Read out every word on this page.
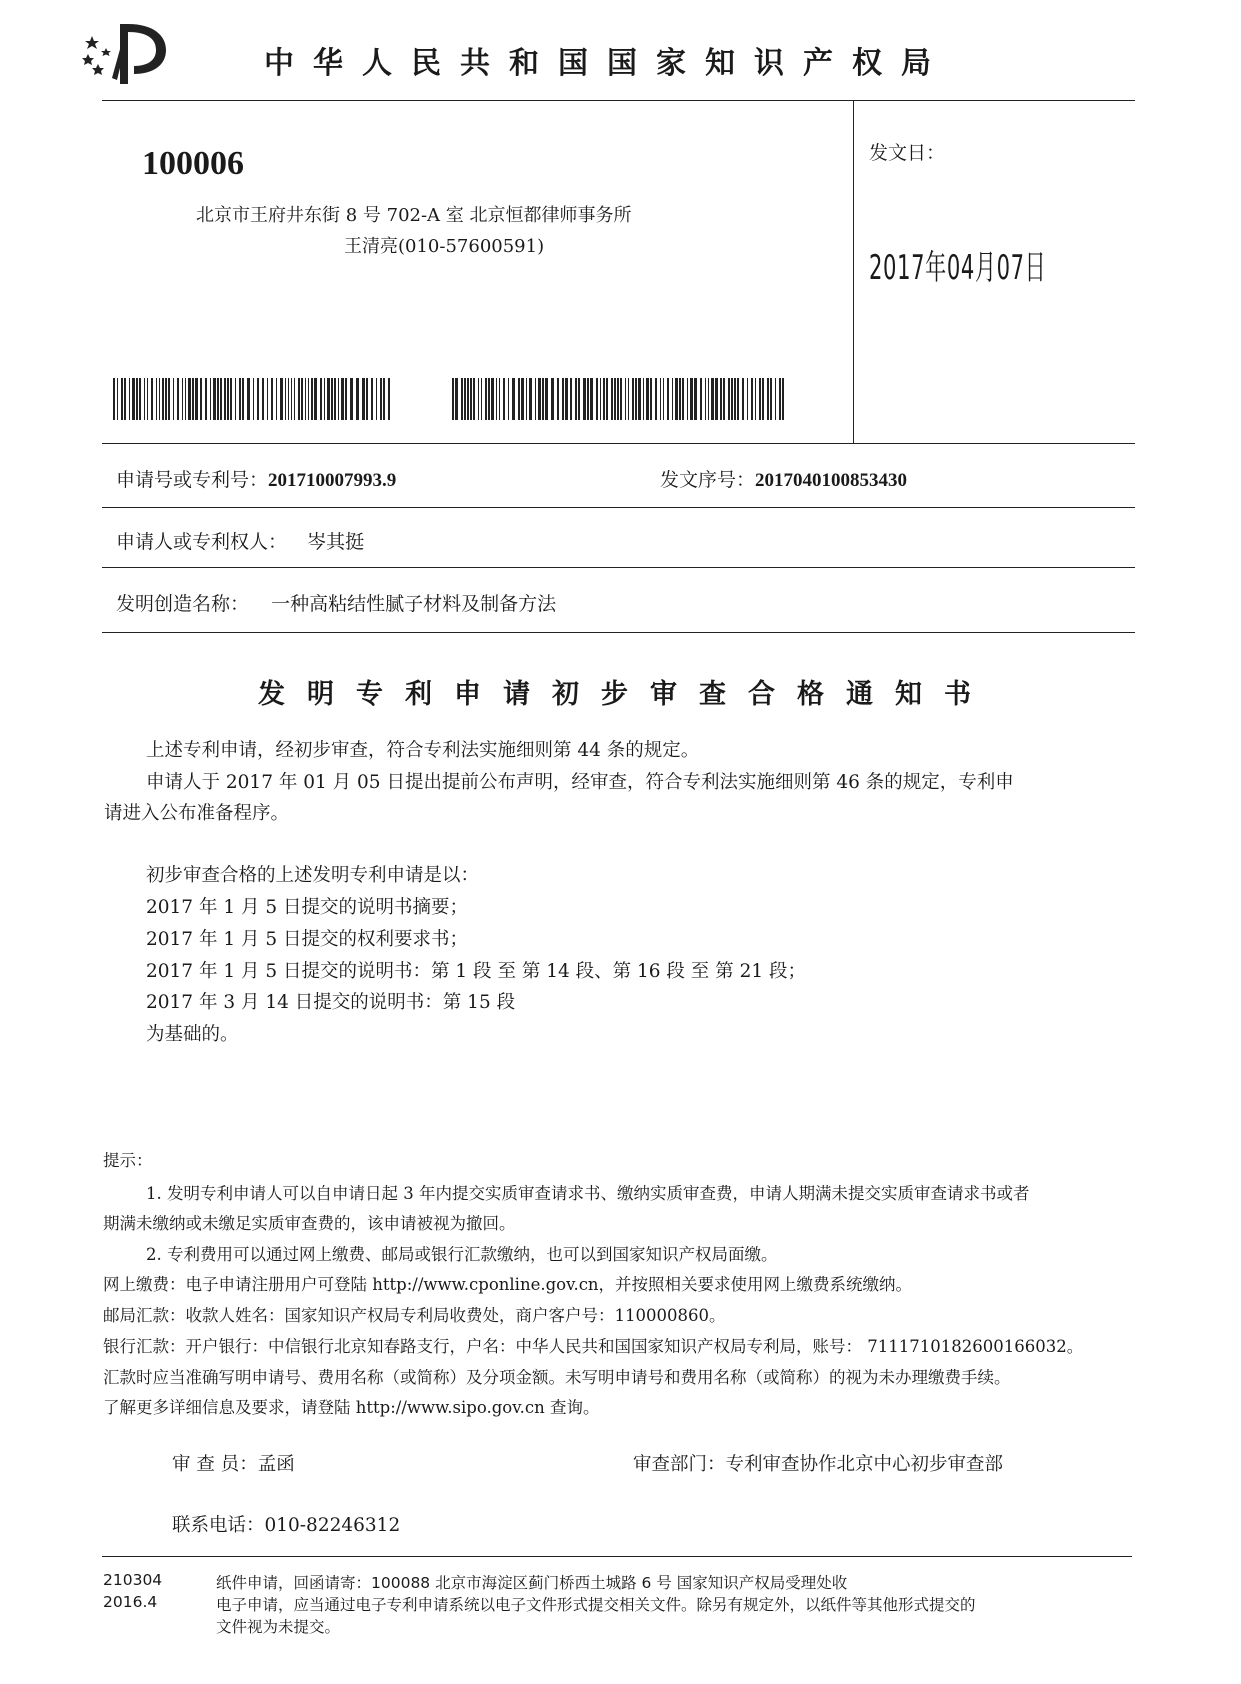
中华人民共和国国家知识产权局
100006
北京市王府井东街 8 号 702-A 室 北京恒都律师事务所
王清亮(010-57600591)
发文日：
2017年04月07日
申请号或专利号：201710007993.9	发文序号：2017040100853430
申请人或专利权人： 岑其挺
发明创造名称： 一种高粘结性腻子材料及制备方法
发明专利申请初步审查合格通知书
上述专利申请，经初步审查，符合专利法实施细则第 44 条的规定。
申请人于 2017 年 01 月 05 日提出提前公布声明，经审查，符合专利法实施细则第 46 条的规定，专利申
请进入公布准备程序。
初步审查合格的上述发明专利申请是以：
2017 年 1 月 5 日提交的说明书摘要；
2017 年 1 月 5 日提交的权利要求书；
2017 年 1 月 5 日提交的说明书：第 1 段 至 第 14 段、第 16 段 至 第 21 段；
2017 年 3 月 14 日提交的说明书：第 15 段
为基础的。
提示：
1. 发明专利申请人可以自申请日起 3 年内提交实质审查请求书、缴纳实质审查费，申请人期满未提交实质审查请求书或者
期满未缴纳或未缴足实质审查费的，该申请被视为撤回。
2. 专利费用可以通过网上缴费、邮局或银行汇款缴纳，也可以到国家知识产权局面缴。
网上缴费：电子申请注册用户可登陆 http://www.cponline.gov.cn，并按照相关要求使用网上缴费系统缴纳。
邮局汇款：收款人姓名：国家知识产权局专利局收费处，商户客户号：110000860。
银行汇款：开户银行：中信银行北京知春路支行，户名：中华人民共和国国家知识产权局专利局，账号： 7111710182600166032。
汇款时应当准确写明申请号、费用名称（或简称）及分项金额。未写明申请号和费用名称（或简称）的视为未办理缴费手续。
了解更多详细信息及要求，请登陆 http://www.sipo.gov.cn 查询。
审 查 员：孟函	审查部门：专利审查协作北京中心初步审查部
联系电话：010-82246312
210304
2016.4
纸件申请，回函请寄：100088 北京市海淀区蓟门桥西土城路 6 号 国家知识产权局受理处收
电子申请，应当通过电子专利申请系统以电子文件形式提交相关文件。除另有规定外，以纸件等其他形式提交的
文件视为未提交。
